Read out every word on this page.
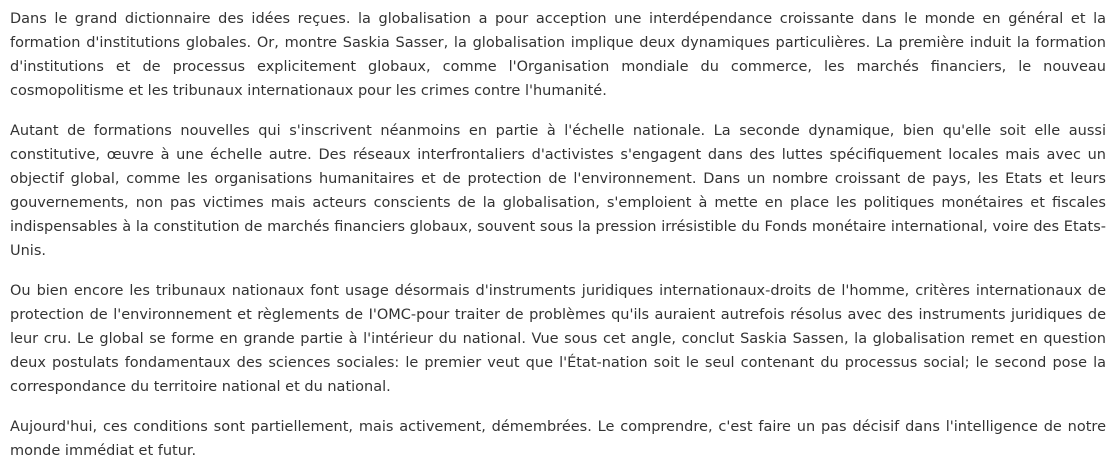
Dans le grand dictionnaire des idées reçues. la globalisation a pour acception une interdépendance croissante dans le monde en général et la formation d'institutions globales. Or, montre Saskia Sasser, la globalisation implique deux dynamiques particulières. La première induit la formation d'institutions et de processus explicitement globaux, comme l'Organisation mondiale du commerce, les marchés financiers, le nouveau cosmopolitisme et les tribunaux internationaux pour les crimes contre l'humanité.

Autant de formations nouvelles qui s'inscrivent néanmoins en partie à l'échelle nationale. La seconde dynamique, bien qu'elle soit elle aussi constitutive, œuvre à une échelle autre. Des réseaux interfrontaliers d'activistes s'engagent dans des luttes spécifiquement locales mais avec un objectif global, comme les organisations humanitaires et de protection de l'environnement. Dans un nombre croissant de pays, les Etats et leurs gouvernements, non pas victimes mais acteurs conscients de la globalisation, s'emploient à mette en place les politiques monétaires et fiscales indispensables à la constitution de marchés financiers globaux, souvent sous la pression irrésistible du Fonds monétaire international, voire des Etats-Unis.

Ou bien encore les tribunaux nationaux font usage désormais d'instruments juridiques internationaux-droits de l'homme, critères internationaux de protection de l'environnement et règlements de I'OMC-pour traiter de problèmes qu'ils auraient autrefois résolus avec des instruments juridiques de leur cru. Le global se forme en grande partie à l'intérieur du national. Vue sous cet angle, conclut Saskia Sassen, la globalisation remet en question deux postulats fondamentaux des sciences sociales: le premier veut que l'État-nation soit le seul contenant du processus social; le second pose la correspondance du territoire national et du national.

Aujourd'hui, ces conditions sont partiellement, mais activement, démembrées. Le comprendre, c'est faire un pas décisif dans l'intelligence de notre monde immédiat et futur.
